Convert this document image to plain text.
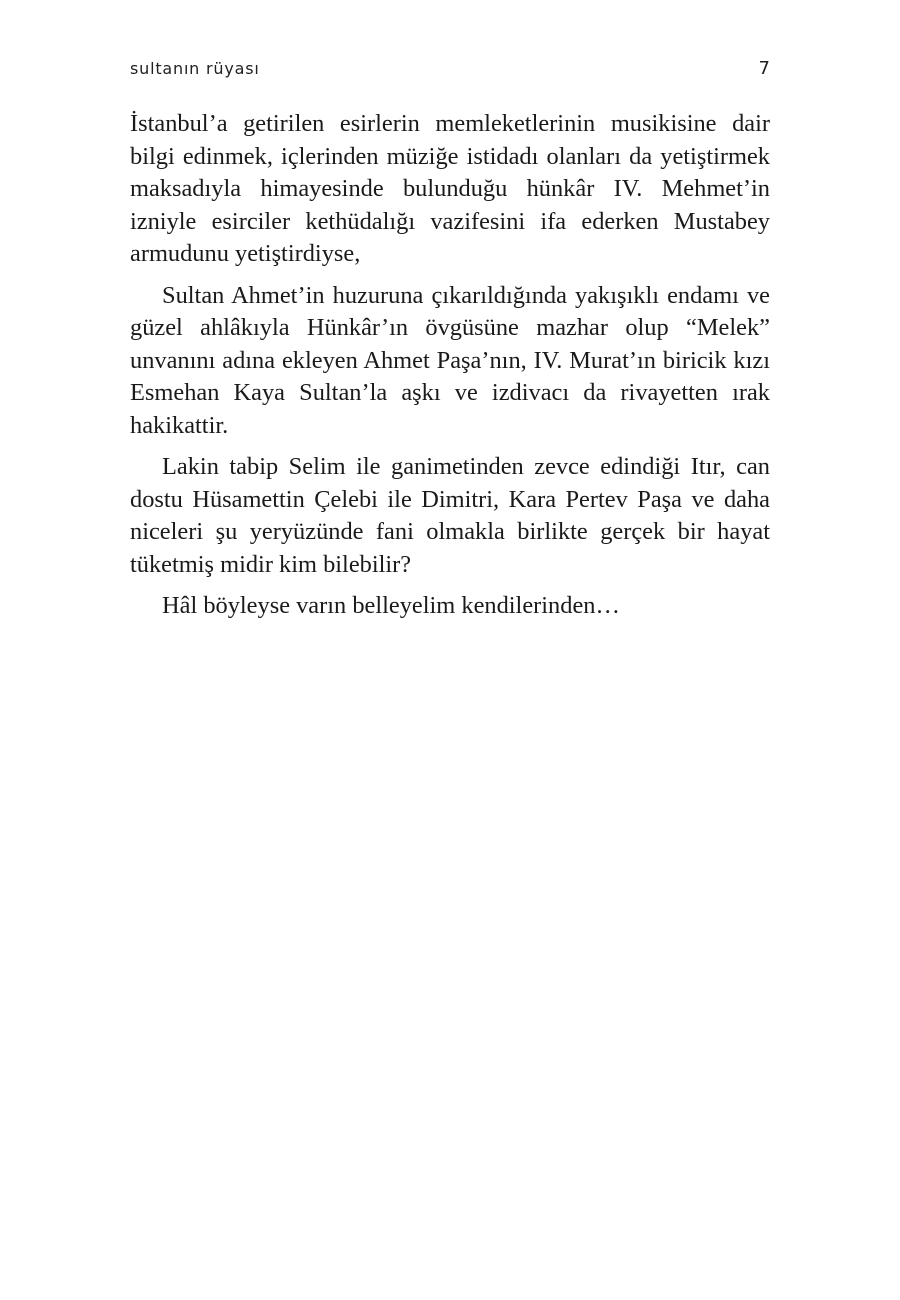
sultanın rüyası	7

İstanbul’a getirilen esirlerin memleketlerinin musikisine dair bilgi edinmek, içlerinden müziğe istidadı olanları da yetiştirmek maksadıyla himayesinde bulunduğu hünkâr IV. Mehmet’in izniyle esirciler kethüdalığı vazifesini ifa ederken Mustabey armudunu yetiştirdiyse,

Sultan Ahmet’in huzuruna çıkarıldığında yakışıklı endamı ve güzel ahlâkıyla Hünkâr’ın övgüsüne mazhar olup “Melek” unvanını adına ekleyen Ahmet Paşa’nın, IV. Murat’ın biricik kızı Esmehan Kaya Sultan’la aşkı ve izdivacı da rivayetten ırak hakikattir.

Lakin tabip Selim ile ganimetinden zevce edindiği Itır, can dostu Hüsamettin Çelebi ile Dimitri, Kara Pertev Paşa ve daha niceleri şu yeryüzünde fani olmakla birlikte gerçek bir hayat tüketmiş midir kim bilebilir?

Hâl böyleyse varın belleyelim kendilerinden…
